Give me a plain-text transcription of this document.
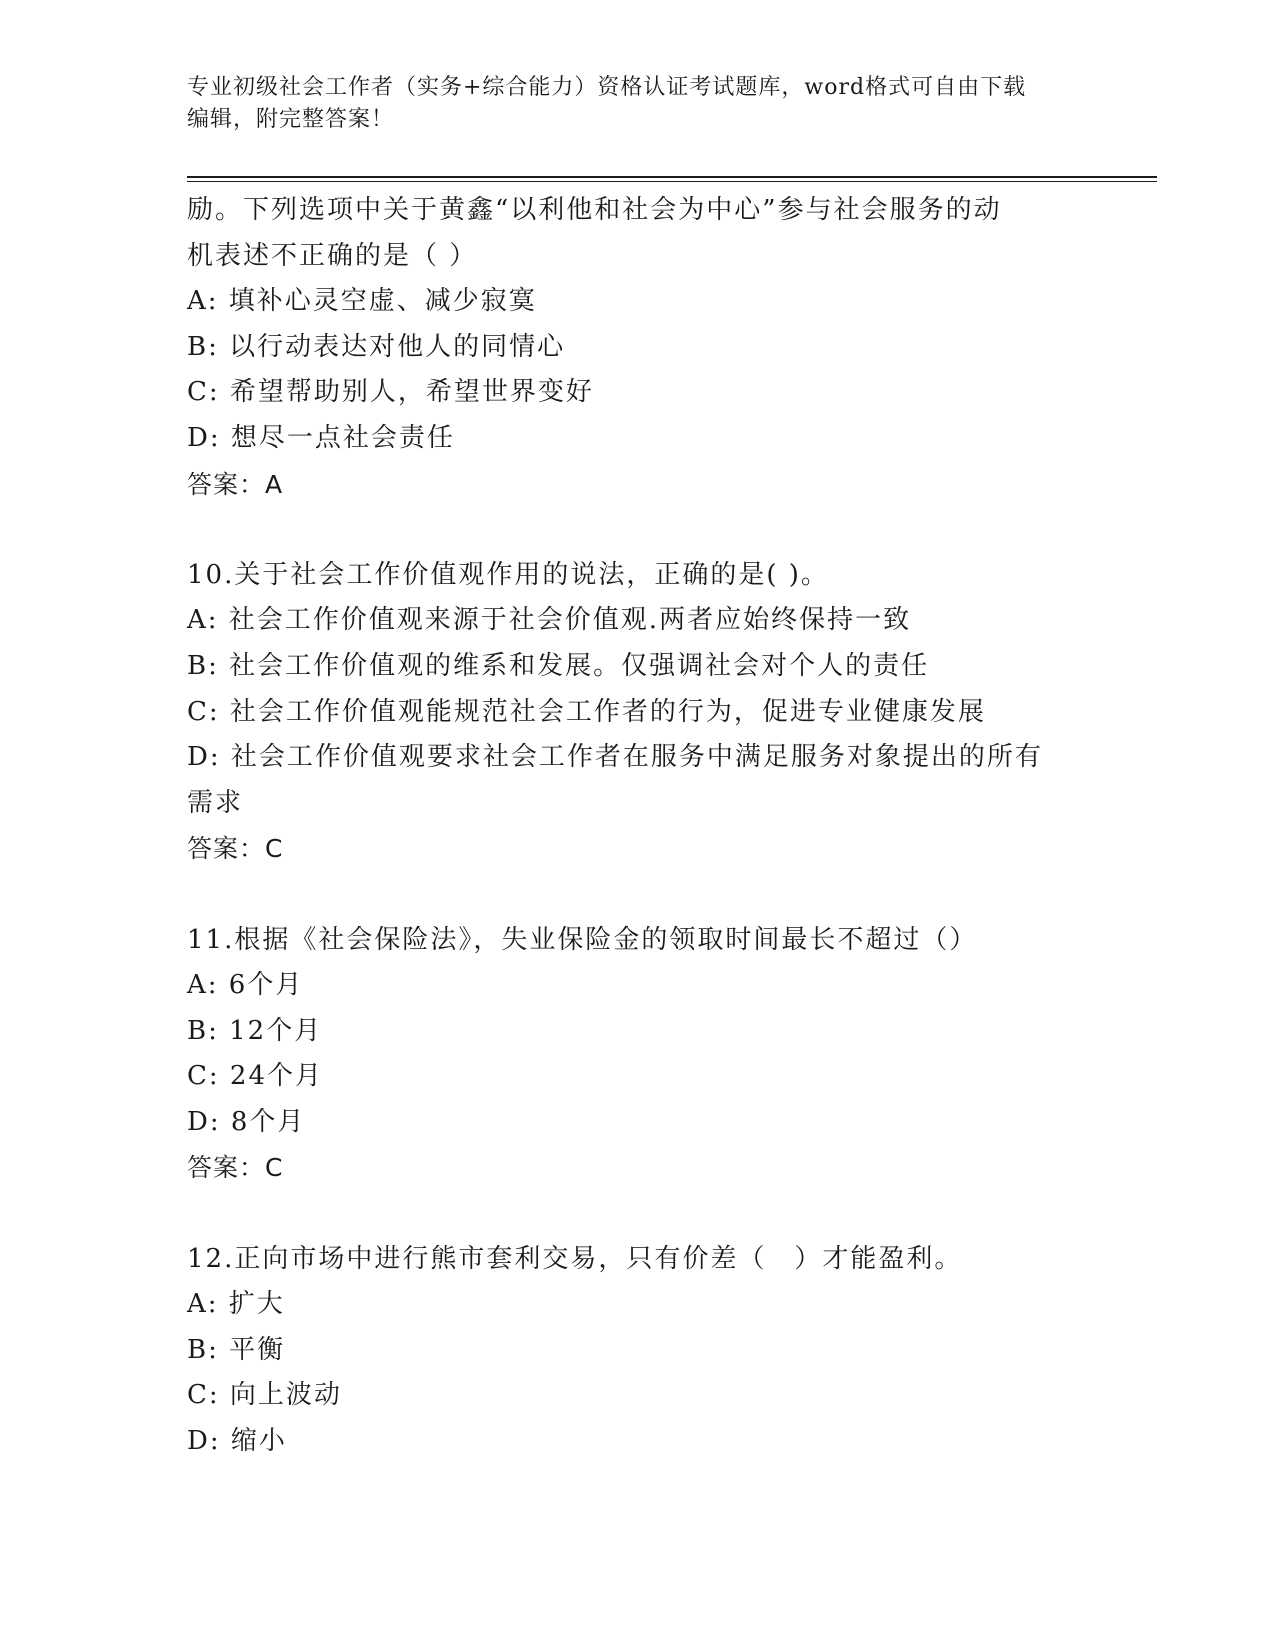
专业初级社会工作者（实务+综合能力）资格认证考试题库，word格式可自由下载
编辑，附完整答案！
励。下列选项中关于黄鑫“以利他和社会为中心”参与社会服务的动
机表述不正确的是（ ）
A: 填补心灵空虚、减少寂寞
B: 以行动表达对他人的同情心
C: 希望帮助别人，希望世界变好
D: 想尽一点社会责任
答案：A
10.关于社会工作价值观作用的说法，正确的是( )。
A: 社会工作价值观来源于社会价值观.两者应始终保持一致
B: 社会工作价值观的维系和发展。仅强调社会对个人的责任
C: 社会工作价值观能规范社会工作者的行为，促进专业健康发展
D: 社会工作价值观要求社会工作者在服务中满足服务对象提出的所有
需求
答案：C
11.根据《社会保险法》，失业保险金的领取时间最长不超过（）
A: 6个月
B: 12个月
C: 24个月
D: 8个月
答案：C
12.正向市场中进行熊市套利交易，只有价差（　）才能盈利。
A: 扩大
B: 平衡
C: 向上波动
D: 缩小
